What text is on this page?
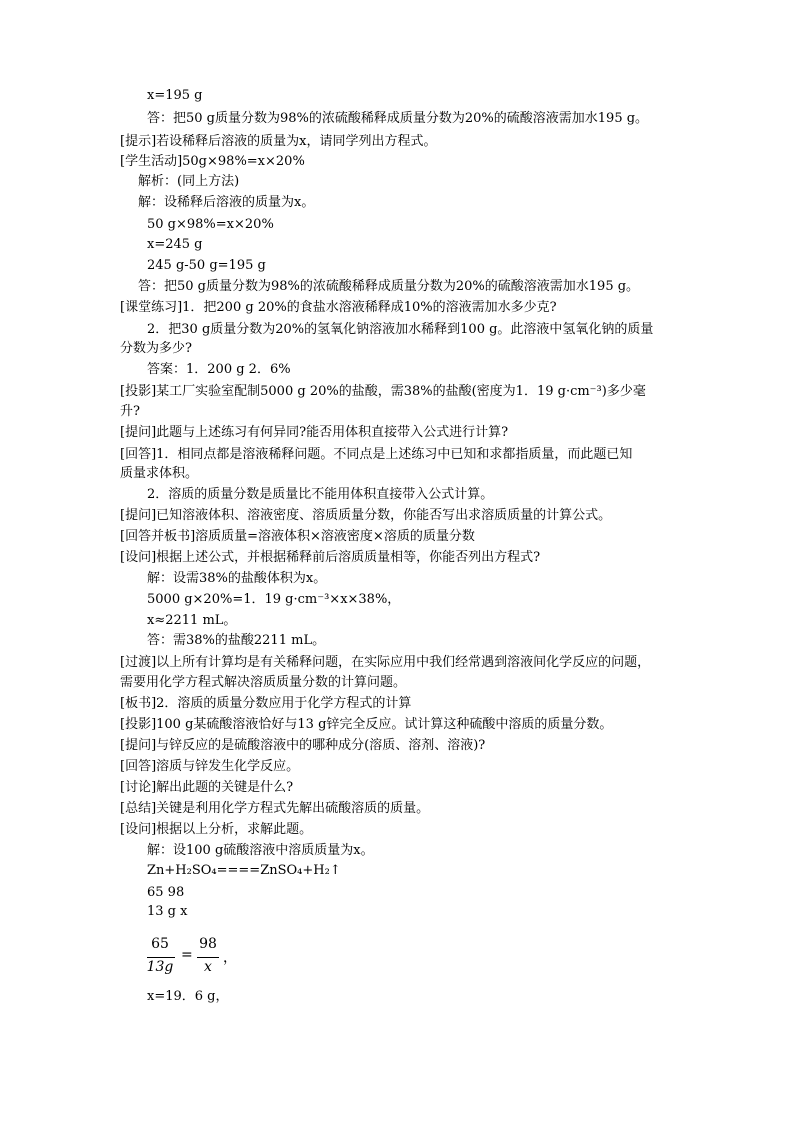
65
13g
=
98
x
，
x=195 g
答：把50 g质量分数为98%的浓硫酸稀释成质量分数为20%的硫酸溶液需加水195 g。
[提示]若设稀释后溶液的质量为x，请同学列出方程式。
[学生活动]50g×98%=x×20%
解析：(同上方法)
解：设稀释后溶液的质量为x。
50 g×98%=x×20%
x=245 g
245 g-50 g=195 g
答：把50 g质量分数为98%的浓硫酸稀释成质量分数为20%的硫酸溶液需加水195 g。
[课堂练习]1．把200 g 20%的食盐水溶液稀释成10%的溶液需加水多少克?
2．把30 g质量分数为20%的氢氧化钠溶液加水稀释到100 g。此溶液中氢氧化钠的质量
分数为多少?
答案：1．200 g 2．6%
[投影]某工厂实验室配制5000 g 20%的盐酸，需38%的盐酸(密度为1．19 g·cm⁻³)多少毫
升?
[提问]此题与上述练习有何异同?能否用体积直接带入公式进行计算?
[回答]1．相同点都是溶液稀释问题。不同点是上述练习中已知和求都指质量，而此题已知
质量求体积。
2．溶质的质量分数是质量比不能用体积直接带入公式计算。
[提问]已知溶液体积、溶液密度、溶质质量分数，你能否写出求溶质质量的计算公式。
[回答并板书]溶质质量=溶液体积×溶液密度×溶质的质量分数
[设问]根据上述公式，并根据稀释前后溶质质量相等，你能否列出方程式?
解：设需38%的盐酸体积为x。
5000 g×20%=1．19 g·cm⁻³×x×38%，
x≈2211 mL。
答：需38%的盐酸2211 mL。
[过渡]以上所有计算均是有关稀释问题，在实际应用中我们经常遇到溶液间化学反应的问题，
需要用化学方程式解决溶质质量分数的计算问题。
[板书]2．溶质的质量分数应用于化学方程式的计算
[投影]100 g某硫酸溶液恰好与13 g锌完全反应。试计算这种硫酸中溶质的质量分数。
[提问]与锌反应的是硫酸溶液中的哪种成分(溶质、溶剂、溶液)?
[回答]溶质与锌发生化学反应。
[讨论]解出此题的关键是什么?
[总结]关键是利用化学方程式先解出硫酸溶质的质量。
[设问]根据以上分析，求解此题。
解：设100 g硫酸溶液中溶质质量为x。
Zn+H₂SO₄====ZnSO₄+H₂↑
65 98
13 g x
x=19．6 g，
